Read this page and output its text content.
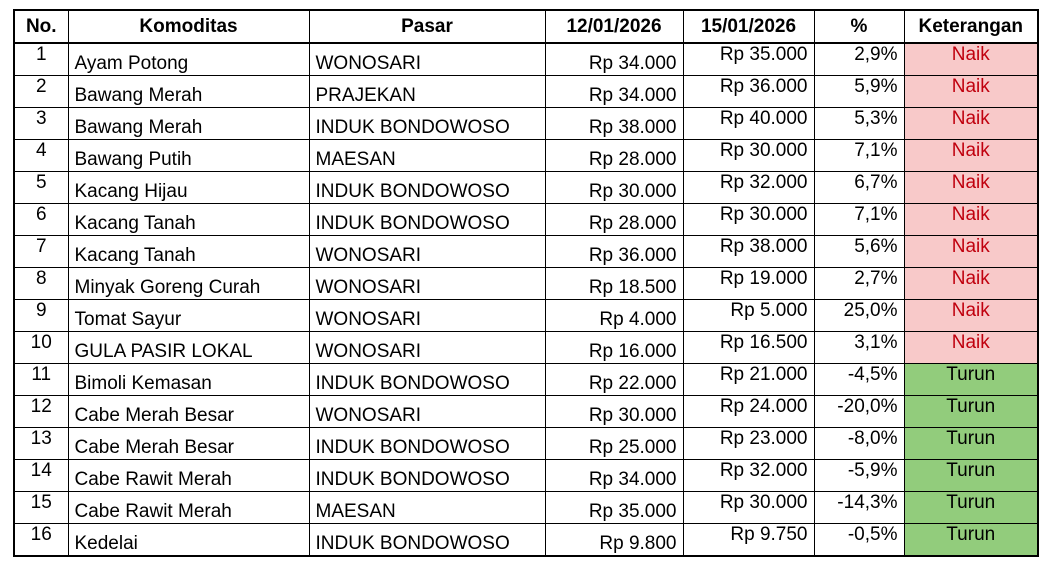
No.	Komoditas	Pasar	12/01/2026	15/01/2026	%	Keterangan
1	Ayam Potong	WONOSARI	Rp 34.000	Rp 35.000	2,9%	Naik
2	Bawang Merah	PRAJEKAN	Rp 34.000	Rp 36.000	5,9%	Naik
3	Bawang Merah	INDUK BONDOWOSO	Rp 38.000	Rp 40.000	5,3%	Naik
4	Bawang Putih	MAESAN	Rp 28.000	Rp 30.000	7,1%	Naik
5	Kacang Hijau	INDUK BONDOWOSO	Rp 30.000	Rp 32.000	6,7%	Naik
6	Kacang Tanah	INDUK BONDOWOSO	Rp 28.000	Rp 30.000	7,1%	Naik
7	Kacang Tanah	WONOSARI	Rp 36.000	Rp 38.000	5,6%	Naik
8	Minyak Goreng Curah	WONOSARI	Rp 18.500	Rp 19.000	2,7%	Naik
9	Tomat Sayur	WONOSARI	Rp 4.000	Rp 5.000	25,0%	Naik
10	GULA PASIR LOKAL	WONOSARI	Rp 16.000	Rp 16.500	3,1%	Naik
11	Bimoli Kemasan	INDUK BONDOWOSO	Rp 22.000	Rp 21.000	-4,5%	Turun
12	Cabe Merah Besar	WONOSARI	Rp 30.000	Rp 24.000	-20,0%	Turun
13	Cabe Merah Besar	INDUK BONDOWOSO	Rp 25.000	Rp 23.000	-8,0%	Turun
14	Cabe Rawit Merah	INDUK BONDOWOSO	Rp 34.000	Rp 32.000	-5,9%	Turun
15	Cabe Rawit Merah	MAESAN	Rp 35.000	Rp 30.000	-14,3%	Turun
16	Kedelai	INDUK BONDOWOSO	Rp 9.800	Rp 9.750	-0,5%	Turun
